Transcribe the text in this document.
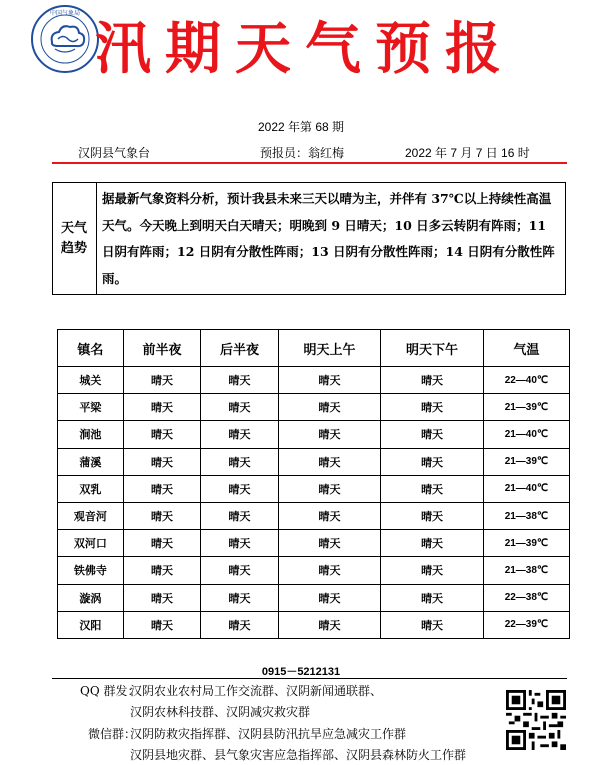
中国气象局
汛期天气预报
2022 年第 68 期
汉阴县气象台	预报员：翁红梅	2022 年 7 月 7 日 16 时
天气趋势
据最新气象资料分析，预计我县未来三天以晴为主，并伴有 37℃以上持续性高温天气。今天晚上到明天白天晴天；明晚到 9 日晴天；10 日多云转阴有阵雨；11 日阴有阵雨；12 日阴有分散性阵雨；13 日阴有分散性阵雨；14 日阴有分散性阵雨。
镇名	前半夜	后半夜	明天上午	明天下午	气温
城关	晴天	晴天	晴天	晴天	22—40℃
平梁	晴天	晴天	晴天	晴天	21—39℃
涧池	晴天	晴天	晴天	晴天	21—40℃
蒲溪	晴天	晴天	晴天	晴天	21—39℃
双乳	晴天	晴天	晴天	晴天	21—40℃
观音河	晴天	晴天	晴天	晴天	21—38℃
双河口	晴天	晴天	晴天	晴天	21—39℃
铁佛寺	晴天	晴天	晴天	晴天	21—38℃
漩涡	晴天	晴天	晴天	晴天	22—38℃
汉阳	晴天	晴天	晴天	晴天	22—39℃
0915－5212131
QQ 群发：
汉阴农业农村局工作交流群、汉阴新闻通联群、
汉阴农林科技群、汉阴减灾救灾群
微信群：
汉阴防救灾指挥群、汉阴县防汛抗旱应急减灾工作群
汉阴县地灾群、县气象灾害应急指挥部、汉阴县森林防火工作群
